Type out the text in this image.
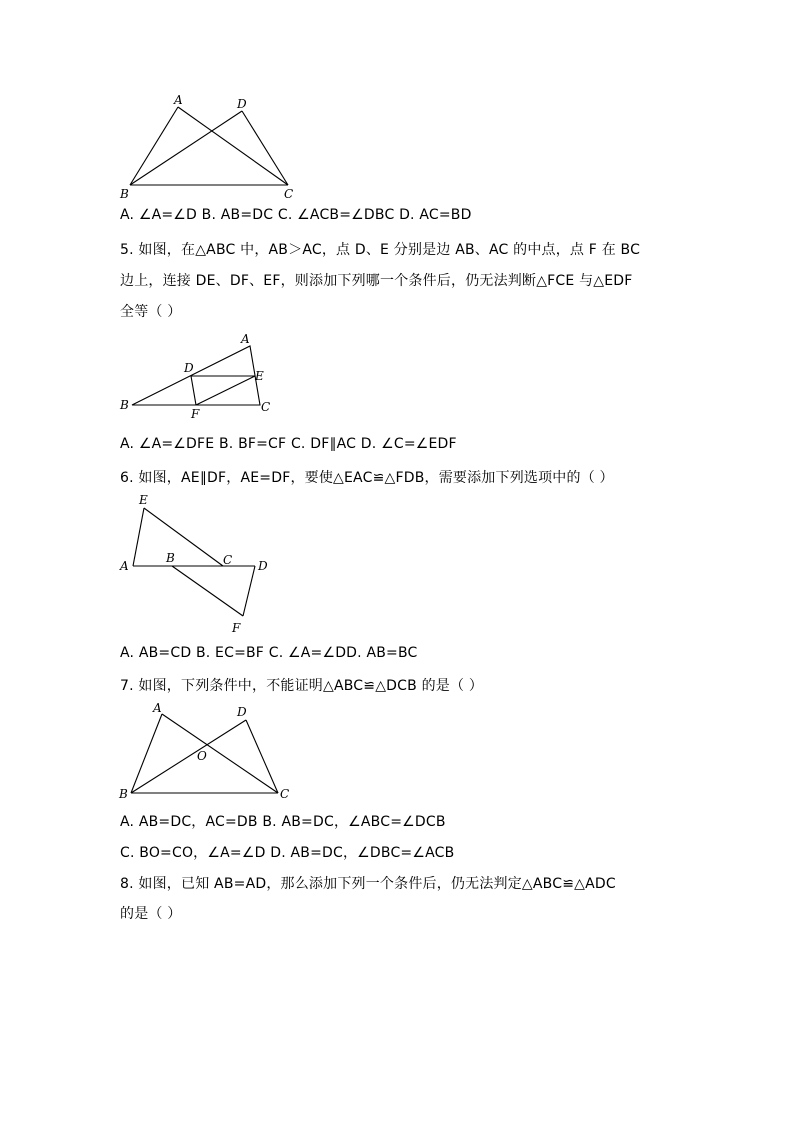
A	D
B	C
A. ∠A=∠D B. AB=DC C. ∠ACB=∠DBC D. AC=BD
5. 如图，在△ABC 中，AB＞AC，点 D、E 分别是边 AB、AC 的中点，点 F 在 BC
边上，连接 DE、DF、EF，则添加下列哪一个条件后，仍无法判断△FCE 与△EDF
全等（ ）
A
D
E
B
F	C
A. ∠A=∠DFE B. BF=CF C. DF∥AC D. ∠C=∠EDF
6. 如图，AE∥DF，AE=DF，要使△EAC≌△FDB，需要添加下列选项中的（ ）
E
A
B	C D
F
A. AB=CD B. EC=BF C. ∠A=∠DD. AB=BC
7. 如图，下列条件中，不能证明△ABC≌△DCB 的是（ ）
A	D
O
B	C
A. AB=DC，AC=DB B. AB=DC，∠ABC=∠DCB
C. BO=CO，∠A=∠D D. AB=DC，∠DBC=∠ACB
8. 如图，已知 AB=AD，那么添加下列一个条件后，仍无法判定△ABC≌△ADC
的是（ ）
